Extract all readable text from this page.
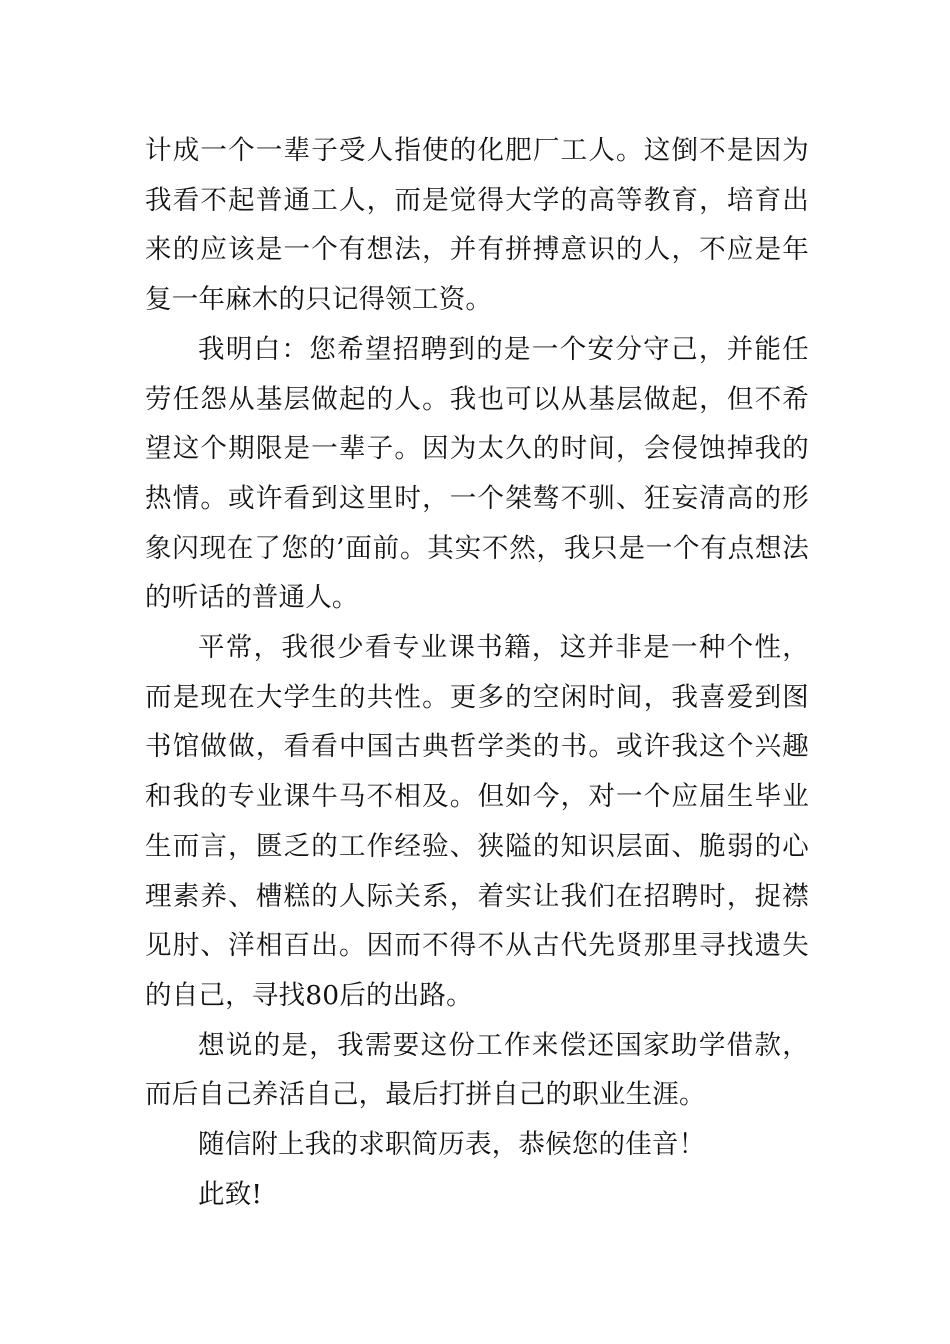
计成一个一辈子受人指使的化肥厂工人。这倒不是因为我看不起普通工人，而是觉得大学的高等教育，培育出来的应该是一个有想法，并有拼搏意识的人，不应是年复一年麻木的只记得领工资。

我明白：您希望招聘到的是一个安分守己，并能任劳任怨从基层做起的人。我也可以从基层做起，但不希望这个期限是一辈子。因为太久的时间，会侵蚀掉我的热情。或许看到这里时，一个桀骜不驯、狂妄清高的形象闪现在了您的’面前。其实不然，我只是一个有点想法的听话的普通人。

平常，我很少看专业课书籍，这并非是一种个性，而是现在大学生的共性。更多的空闲时间，我喜爱到图书馆做做，看看中国古典哲学类的书。或许我这个兴趣和我的专业课牛马不相及。但如今，对一个应届生毕业生而言，匮乏的工作经验、狭隘的知识层面、脆弱的心理素养、槽糕的人际关系，着实让我们在招聘时，捉襟见肘、洋相百出。因而不得不从古代先贤那里寻找遗失的自己，寻找80后的出路。

想说的是，我需要这份工作来偿还国家助学借款，而后自己养活自己，最后打拼自己的职业生涯。

随信附上我的求职简历表，恭候您的佳音！

此致!
